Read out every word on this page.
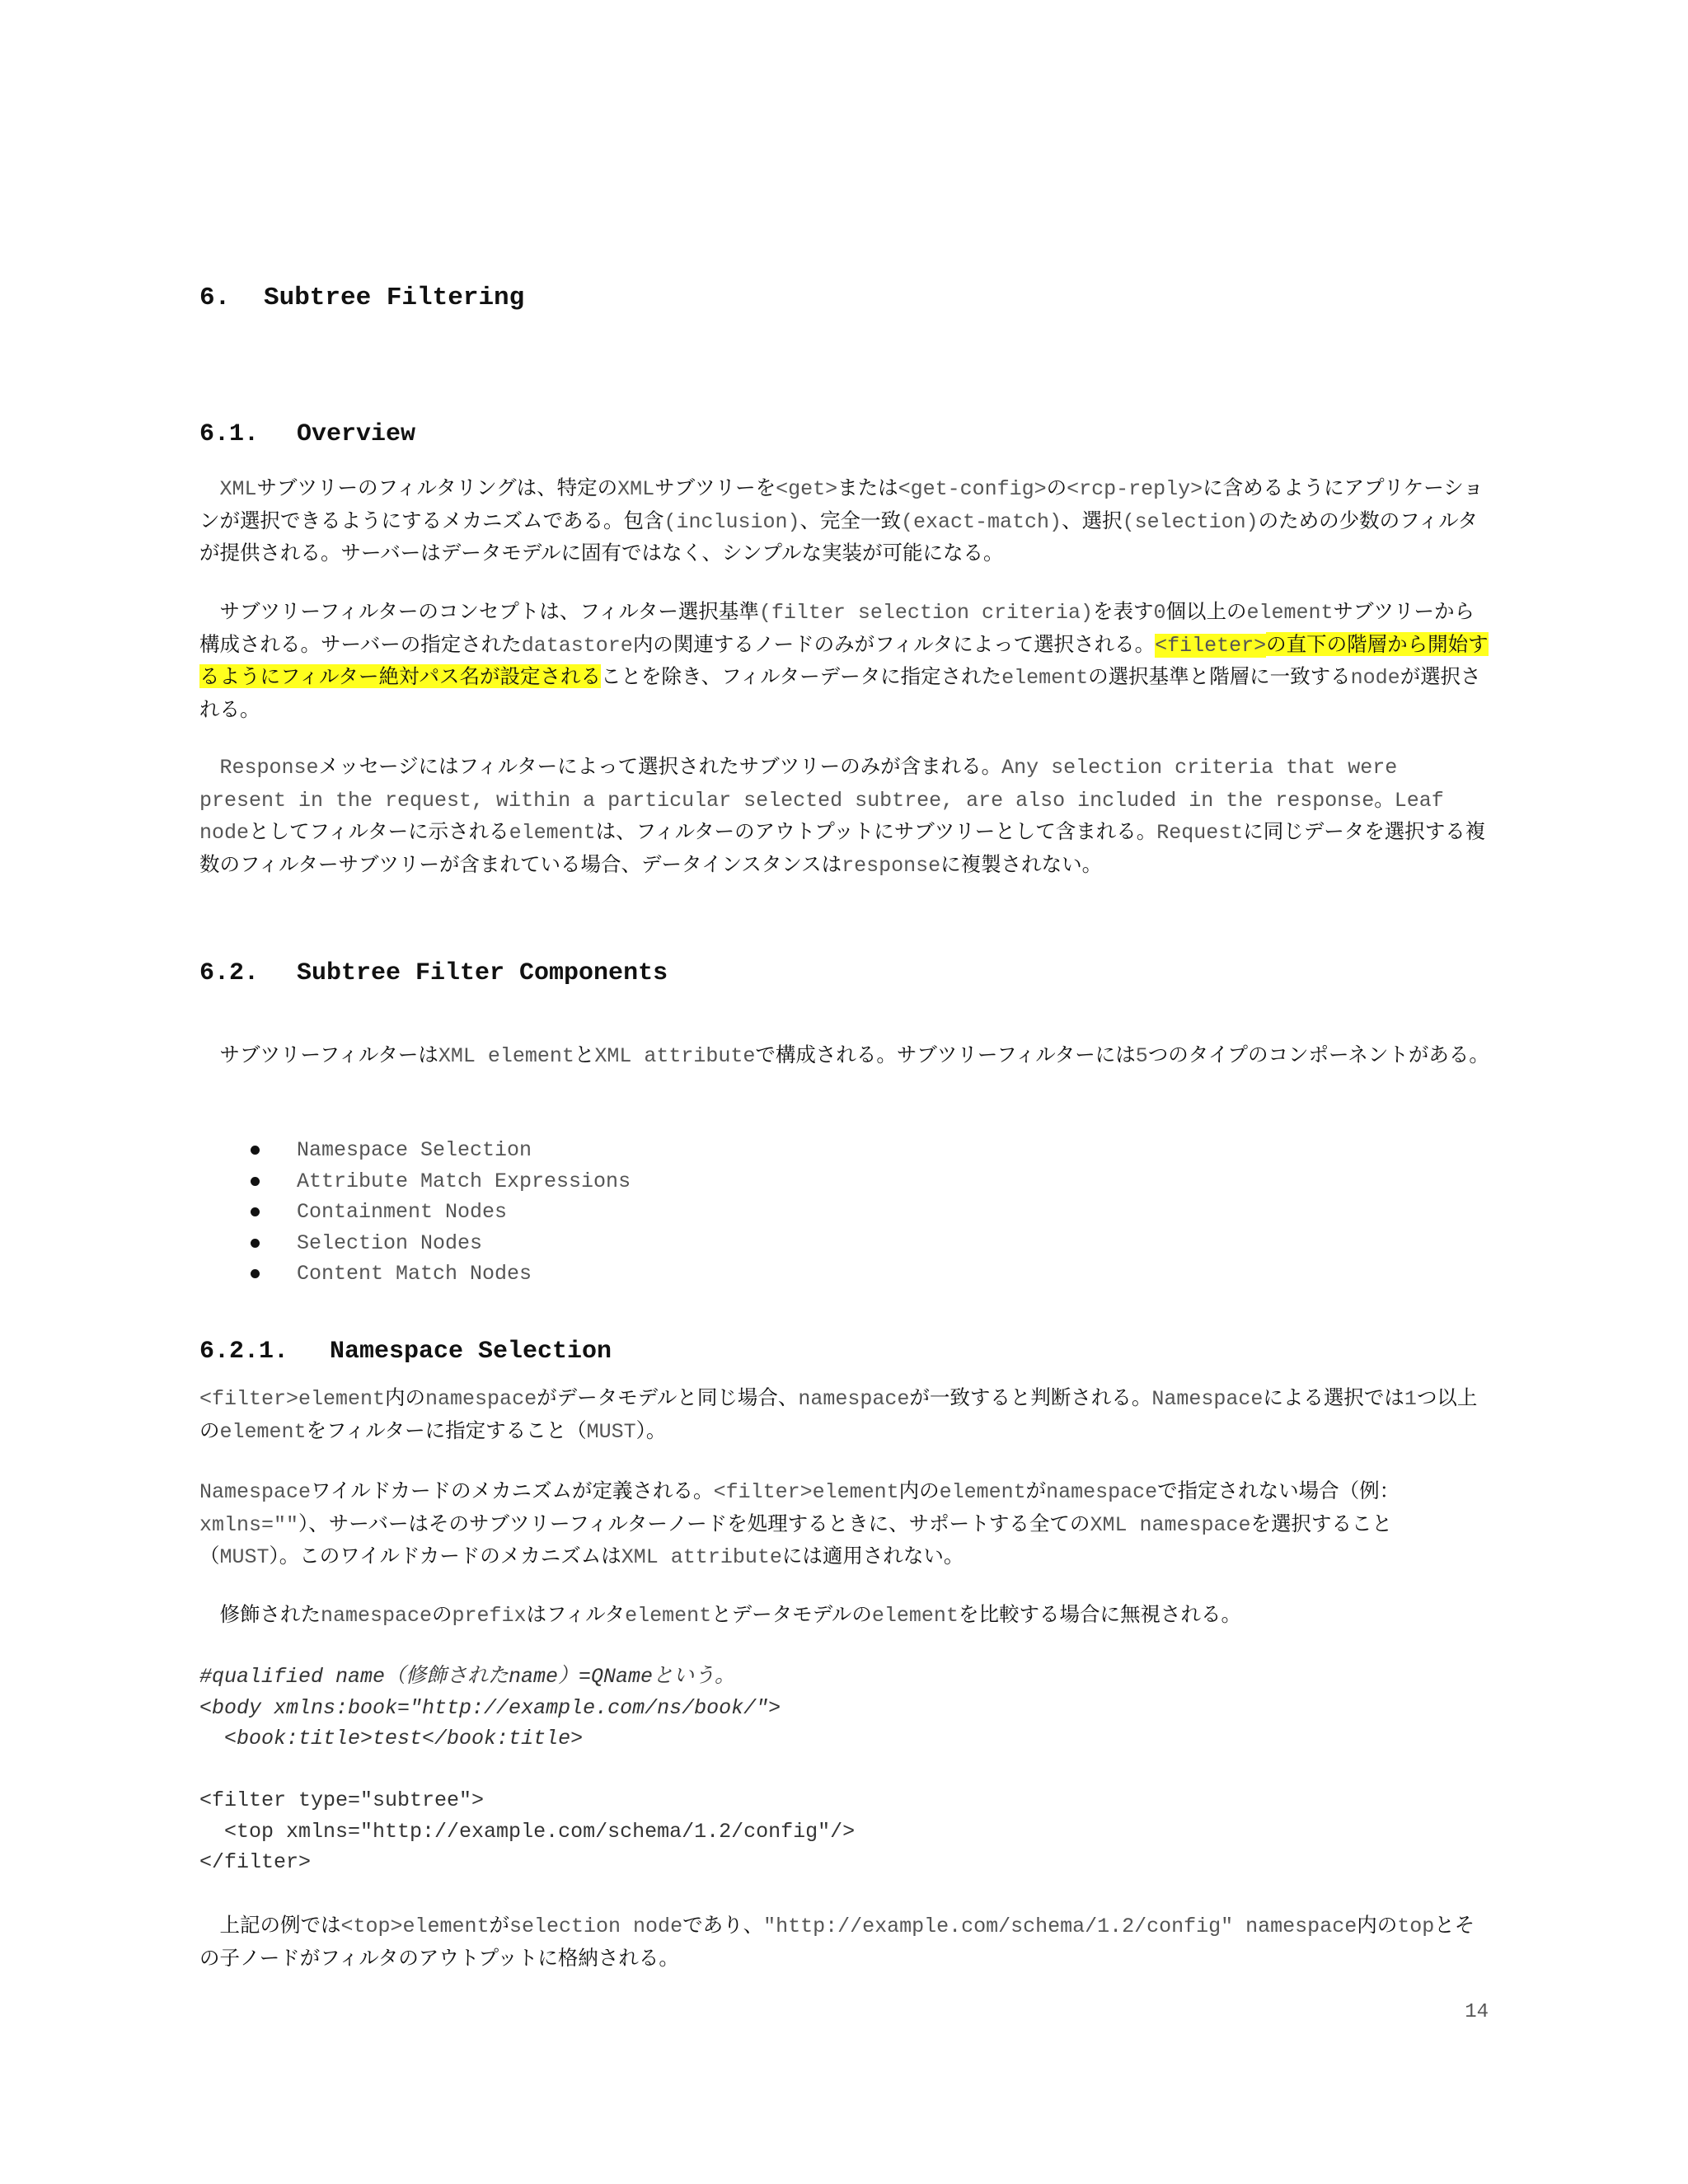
6. Subtree Filtering
6.1. Overview

　XMLサブツリーのフィルタリングは、特定のXMLサブツリーを<get>または<get-config>の<rcp-reply>に含めるようにアプリケーションが選択できるようにするメカニズムである。包含(inclusion)、完全一致(exact-match)、選択(selection)のための少数のフィルタが提供される。サーバーはデータモデルに固有ではなく、シンプルな実装が可能になる。

　サブツリーフィルターのコンセプトは、フィルター選択基準(filter selection criteria)を表す0個以上のelementサブツリーから構成される。サーバーの指定されたdatastore内の関連するノードのみがフィルタによって選択される。<fileter>の直下の階層から開始するようにフィルター絶対パス名が設定されることを除き、フィルターデータに指定されたelementの選択基準と階層に一致するnodeが選択される。

　Responseメッセージにはフィルターによって選択されたサブツリーのみが含まれる。Any selection criteria that were present in the request, within a particular selected subtree, are also included in the response。Leaf nodeとしてフィルターに示されるelementは、フィルターのアウトプットにサブツリーとして含まれる。Requestに同じデータを選択する複数のフィルターサブツリーが含まれている場合、データインスタンスはresponseに複製されない。

6.2. Subtree Filter Components

　サブツリーフィルターはXML elementとXML attributeで構成される。サブツリーフィルターには5つのタイプのコンポーネントがある。

Namespace Selection
Attribute Match Expressions
Containment Nodes
Selection Nodes
Content Match Nodes
6.2.1. Namespace Selection

<filter>element内のnamespaceがデータモデルと同じ場合、namespaceが一致すると判断される。Namespaceによる選択では1つ以上のelementをフィルターに指定すること（MUST）。

Namespaceワイルドカードのメカニズムが定義される。<filter>element内のelementがnamespaceで指定されない場合（例：xmlns=""）、サーバーはそのサブツリーフィルターノードを処理するときに、サポートする全てのXML namespaceを選択すること（MUST）。このワイルドカードのメカニズムはXML attributeには適用されない。

　修飾されたnamespaceのprefixはフィルタelementとデータモデルのelementを比較する場合に無視される。

#qualified name（修飾されたname）=QNameという。
<body xmlns:book="http://example.com/ns/book/">
<book:title>test</book:title>
<filter type="subtree">
<top xmlns="http://example.com/schema/1.2/config"/>
</filter>

　上記の例では<top>elementがselection nodeであり、"http://example.com/schema/1.2/config" namespace内のtopとその子ノードがフィルタのアウトプットに格納される。

14
